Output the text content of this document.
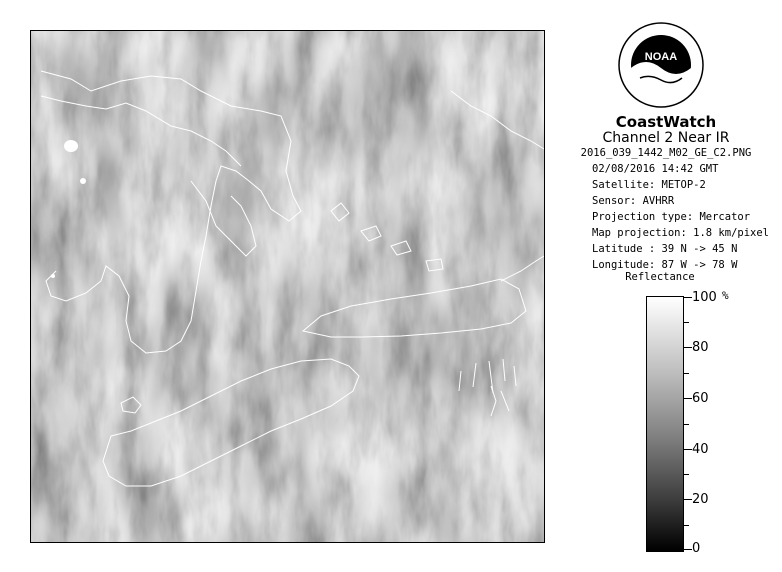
NOAA
CoastWatch
Channel 2 Near IR
2016_039_1442_M02_GE_C2.PNG
02/08/2016 14:42 GMT
Satellite: METOP-2
Sensor: AVHRR
Projection type: Mercator
Map projection: 1.8 km/pixel
Latitude : 39 N -> 45 N
Longitude: 87 W -> 78 W
Reflectance
%
100
80
60
40
20
0
